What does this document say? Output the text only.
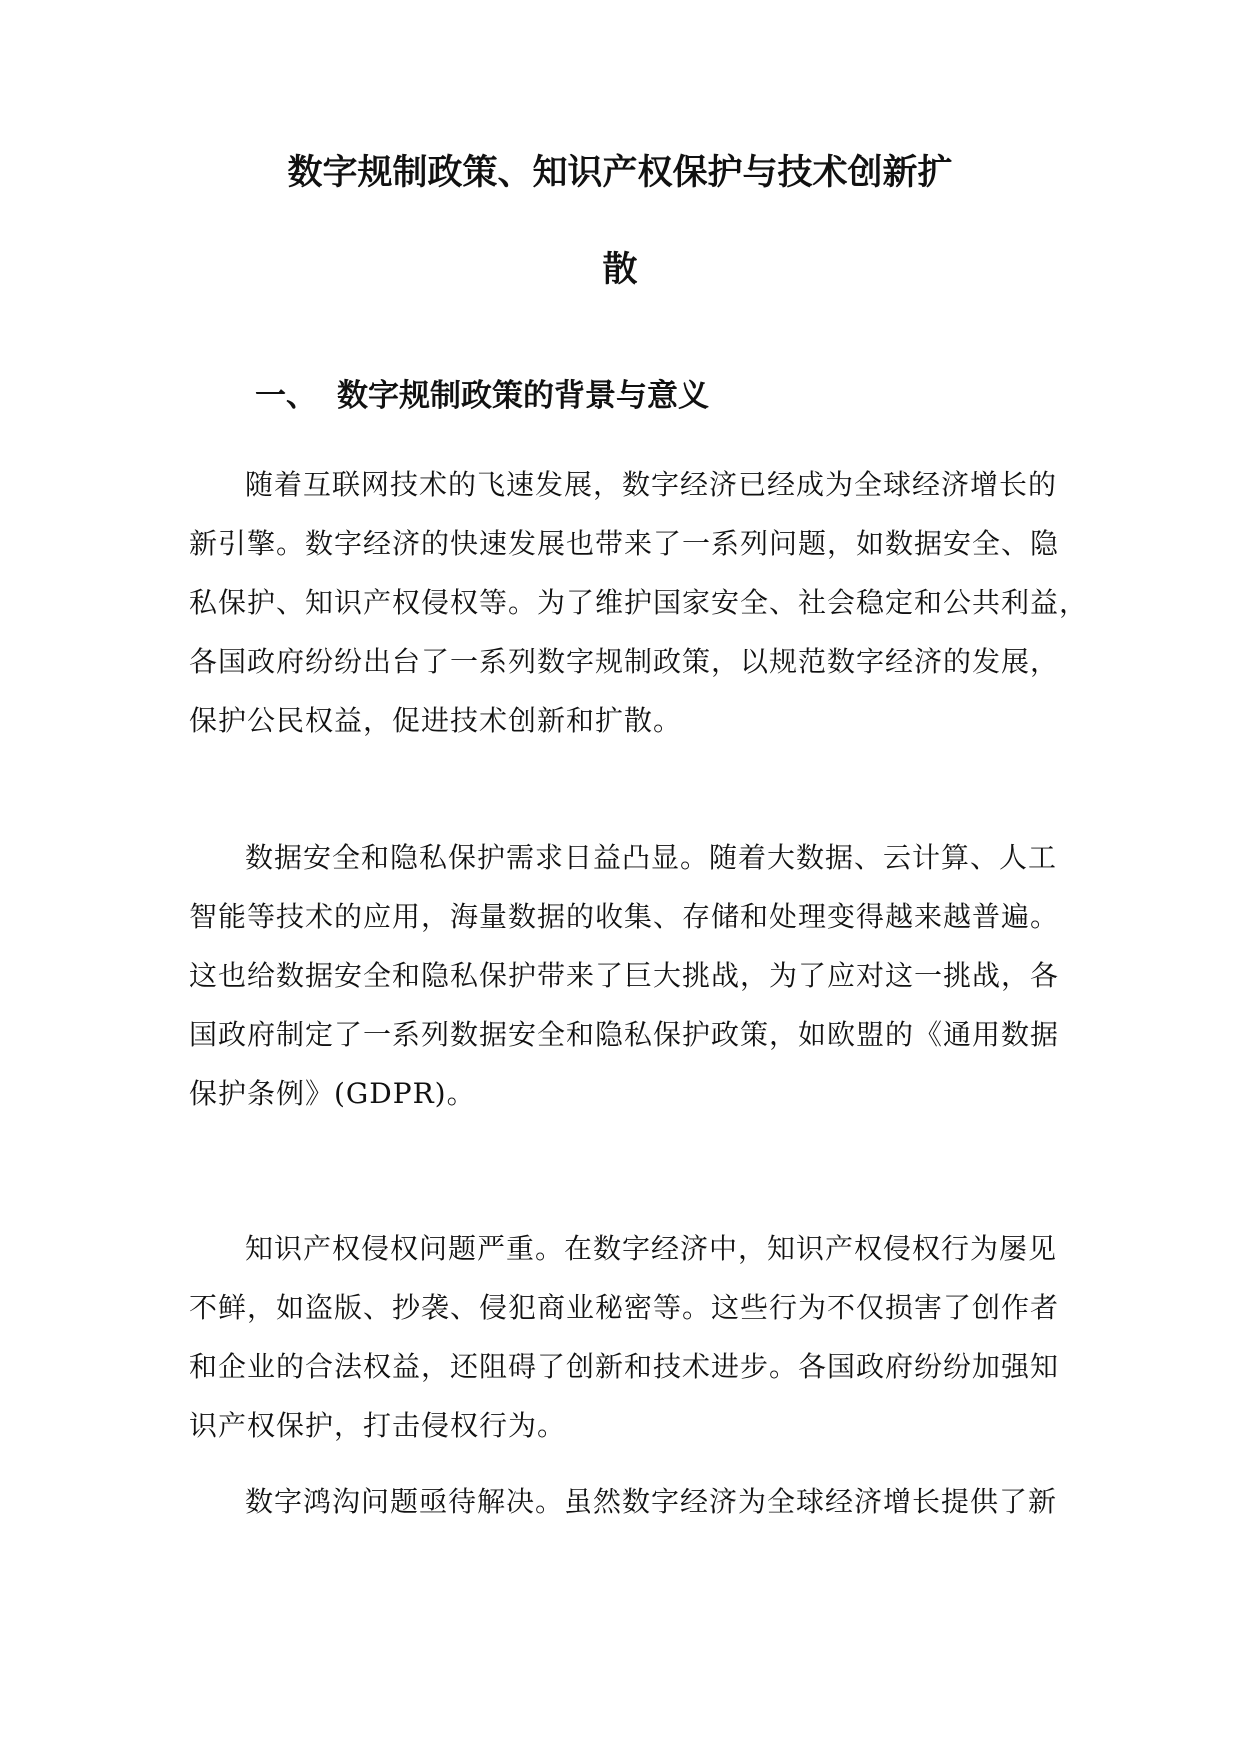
数字规制政策、知识产权保护与技术创新扩
散
一、 数字规制政策的背景与意义

随着互联网技术的飞速发展，数字经济已经成为全球经济增长的
新引擎。数字经济的快速发展也带来了一系列问题，如数据安全、隐
私保护、知识产权侵权等。为了维护国家安全、社会稳定和公共利益，
各国政府纷纷出台了一系列数字规制政策，以规范数字经济的发展，
保护公民权益，促进技术创新和扩散。

数据安全和隐私保护需求日益凸显。随着大数据、云计算、人工
智能等技术的应用，海量数据的收集、存储和处理变得越来越普遍。
这也给数据安全和隐私保护带来了巨大挑战，为了应对这一挑战，各
国政府制定了一系列数据安全和隐私保护政策，如欧盟的《通用数据
保护条例》(GDPR)。

知识产权侵权问题严重。在数字经济中，知识产权侵权行为屡见
不鲜，如盗版、抄袭、侵犯商业秘密等。这些行为不仅损害了创作者
和企业的合法权益，还阻碍了创新和技术进步。各国政府纷纷加强知
识产权保护，打击侵权行为。

数字鸿沟问题亟待解决。虽然数字经济为全球经济增长提供了新
